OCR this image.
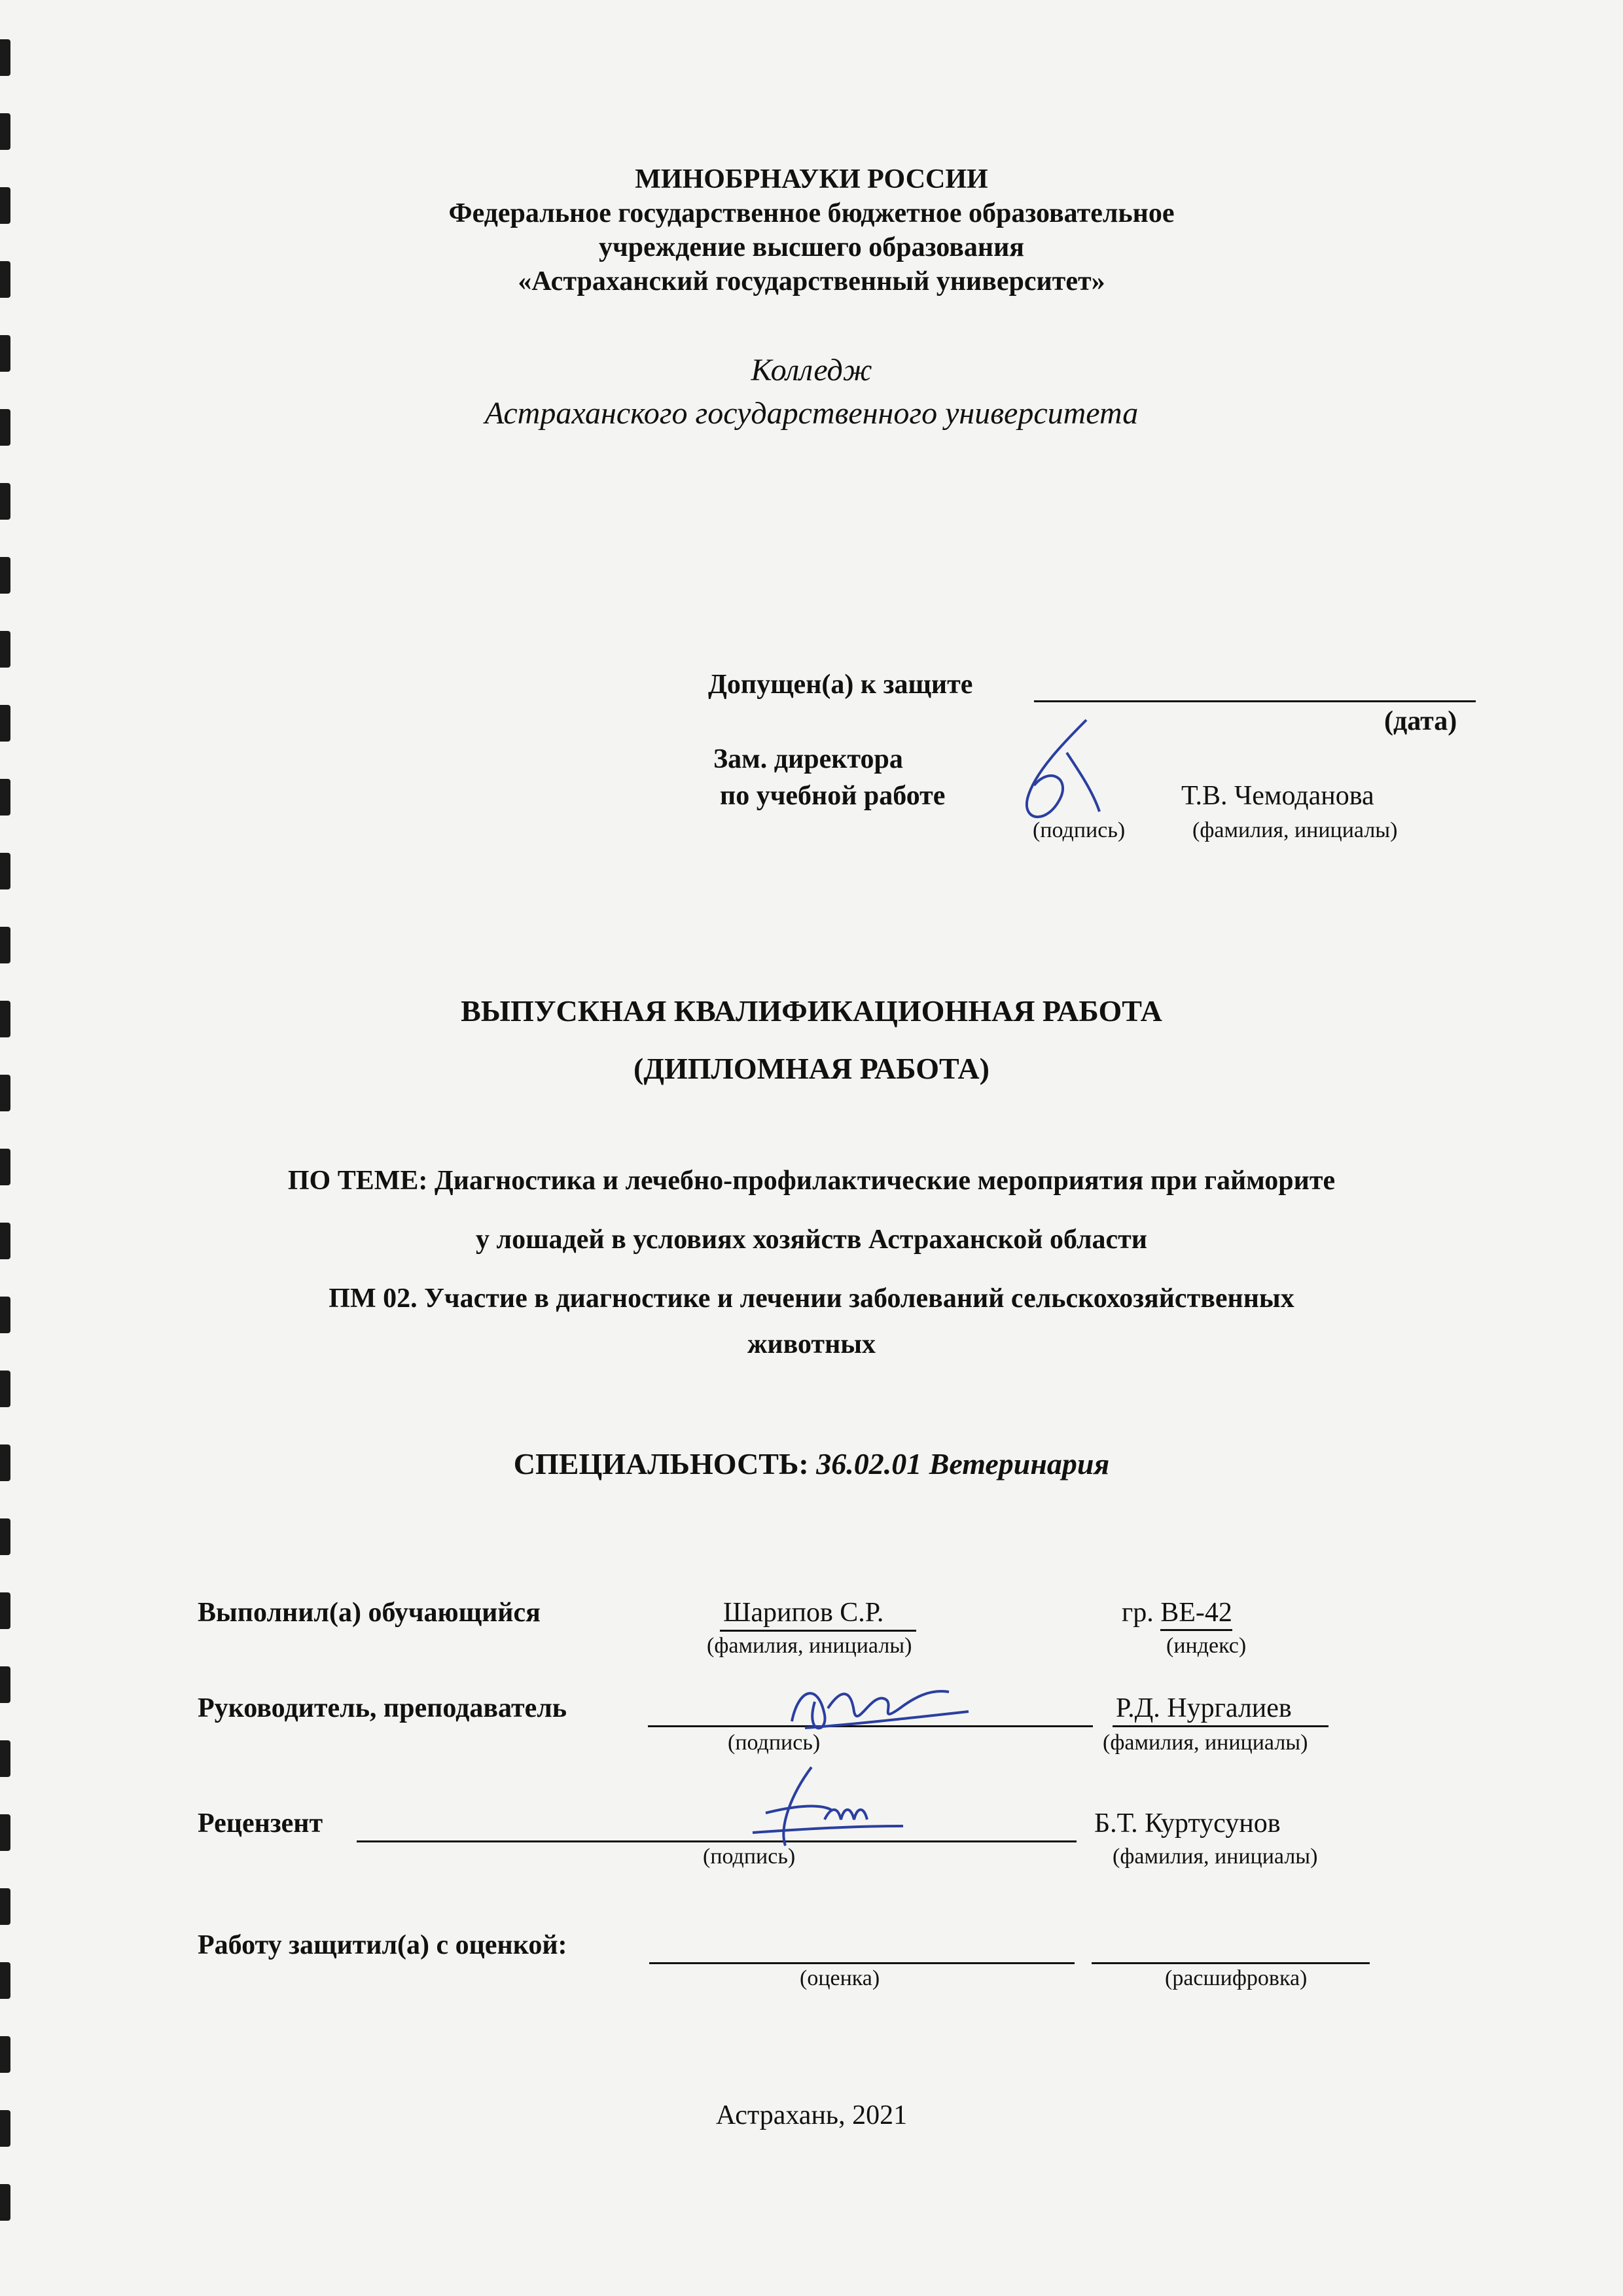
МИНОБРНАУКИ РОССИИ
Федеральное государственное бюджетное образовательное
учреждение высшего образования
«Астраханский государственный университет»
Колледж
Астраханского государственного университета
Допущен(а) к защите
(дата)
Зам. директора
по учебной работе
(подпись)
Т.В. Чемоданова
(фамилия, инициалы)
ВЫПУСКНАЯ КВАЛИФИКАЦИОННАЯ РАБОТА
(ДИПЛОМНАЯ РАБОТА)
ПО ТЕМЕ: Диагностика и лечебно-профилактические мероприятия при гайморите
у лошадей в условиях хозяйств Астраханской области
ПМ 02. Участие в диагностике и лечении заболеваний сельскохозяйственных
животных
СПЕЦИАЛЬНОСТЬ: 36.02.01 Ветеринария
Выполнил(а) обучающийся	Шарипов С.Р.
(фамилия, инициалы)
гр. ВЕ-42
(индекс)
Руководитель, преподаватель
(подпись)
Р.Д. Нургалиев
(фамилия, инициалы)
Рецензент
(подпись)
Б.Т. Куртусунов
(фамилия, инициалы)
Работу защитил(а) с оценкой:
(оценка)	(расшифровка)
Астрахань, 2021
